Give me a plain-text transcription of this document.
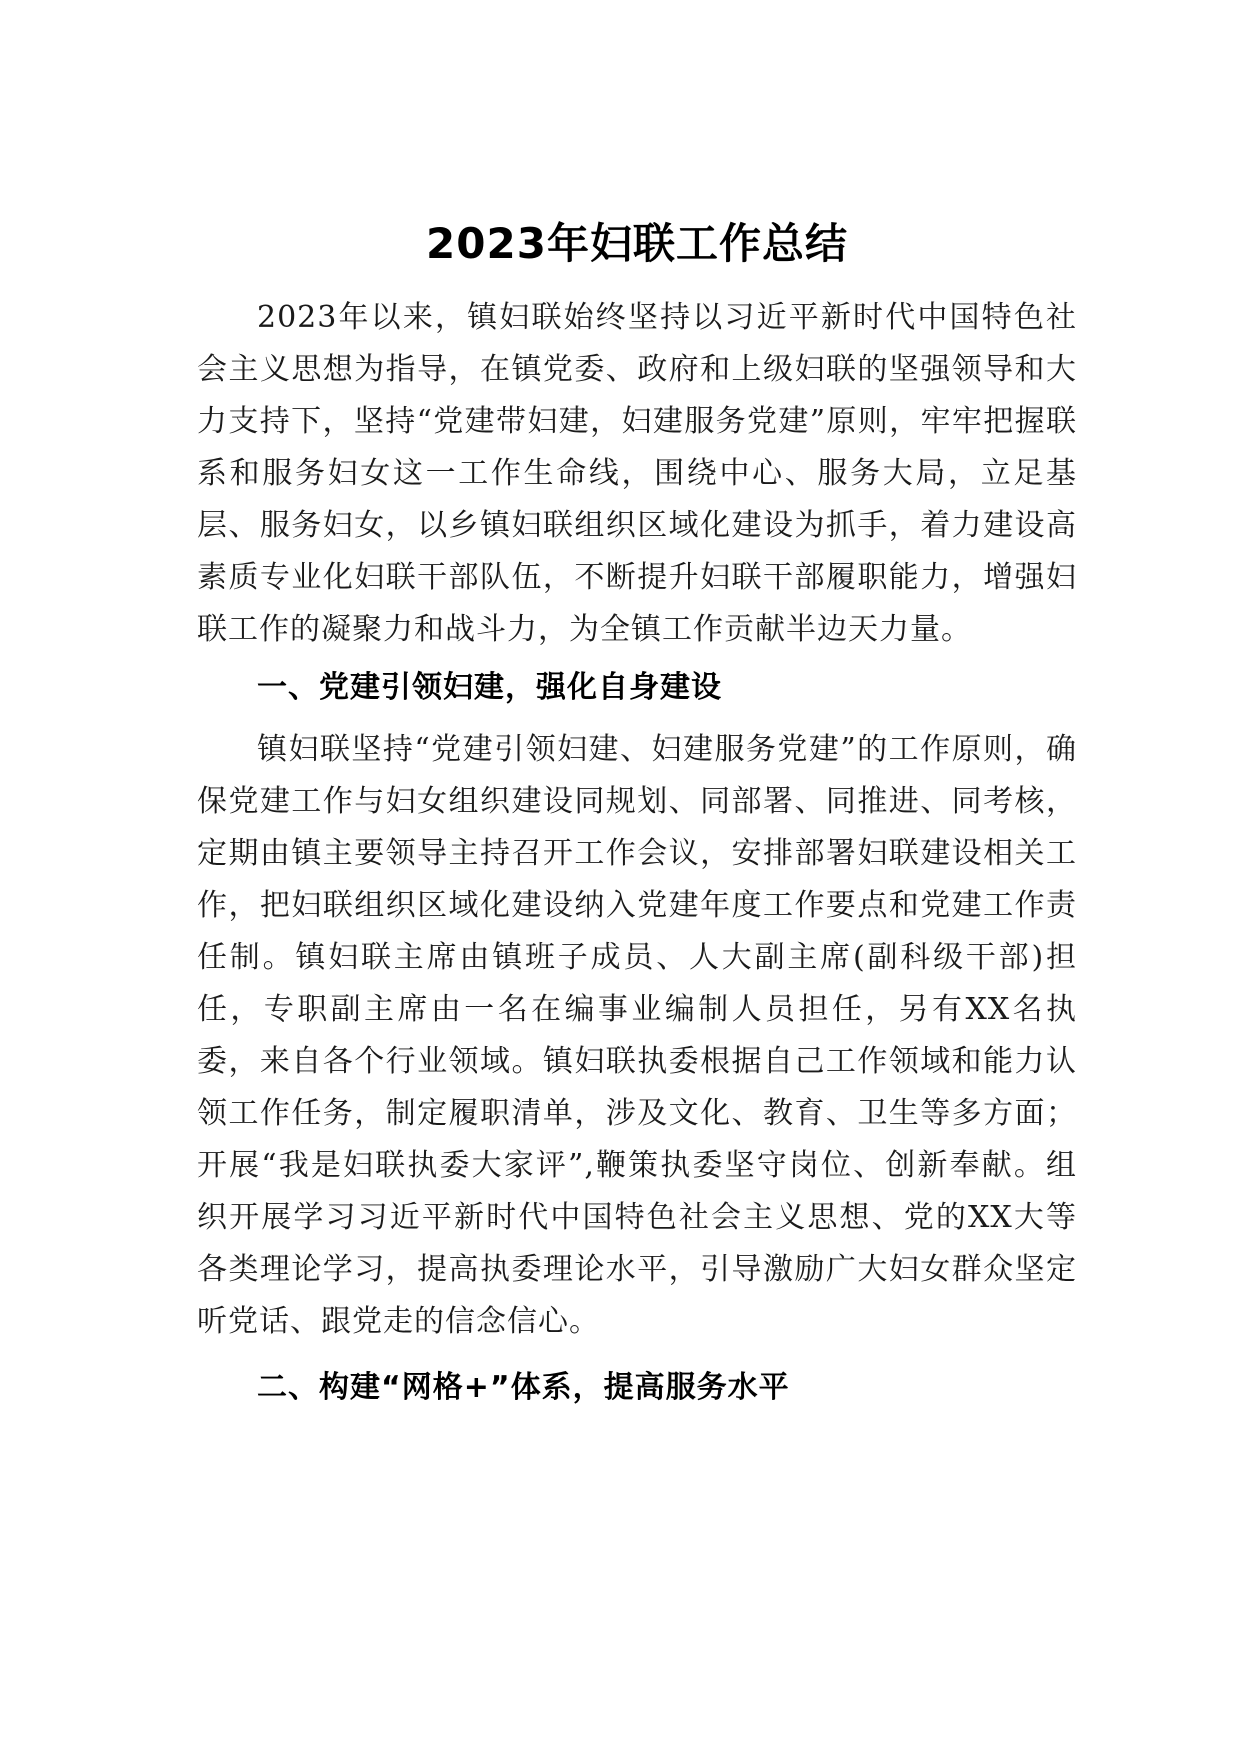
2023年妇联工作总结

2023年以来，镇妇联始终坚持以习近平新时代中国特色社会主义思想为指导，在镇党委、政府和上级妇联的坚强领导和大力支持下，坚持“党建带妇建，妇建服务党建”原则，牢牢把握联系和服务妇女这一工作生命线，围绕中心、服务大局，立足基层、服务妇女，以乡镇妇联组织区域化建设为抓手，着力建设高素质专业化妇联干部队伍，不断提升妇联干部履职能力，增强妇联工作的凝聚力和战斗力，为全镇工作贡献半边天力量。

一、党建引领妇建，强化自身建设

镇妇联坚持“党建引领妇建、妇建服务党建”的工作原则，确保党建工作与妇女组织建设同规划、同部署、同推进、同考核，定期由镇主要领导主持召开工作会议，安排部署妇联建设相关工作，把妇联组织区域化建设纳入党建年度工作要点和党建工作责任制。镇妇联主席由镇班子成员、人大副主席(副科级干部)担任，专职副主席由一名在编事业编制人员担任，另有XX名执委，来自各个行业领域。镇妇联执委根据自己工作领域和能力认领工作任务，制定履职清单，涉及文化、教育、卫生等多方面；开展“我是妇联执委大家评”,鞭策执委坚守岗位、创新奉献。组织开展学习习近平新时代中国特色社会主义思想、党的XX大等各类理论学习，提高执委理论水平，引导激励广大妇女群众坚定听党话、跟党走的信念信心。

二、构建“网格+”体系，提高服务水平
